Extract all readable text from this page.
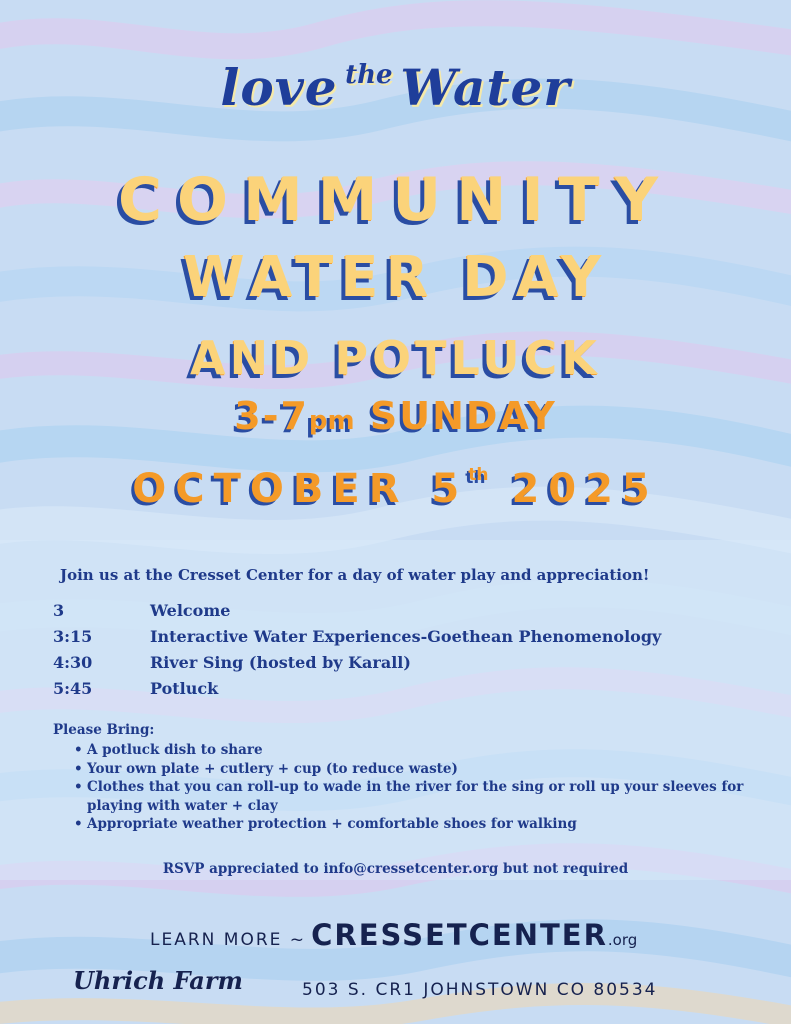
love the Water
COMMUNITY
WATER DAY
AND POTLUCK
3-7pm SUNDAY
OCTOBER 5th 2025
Join us at the Cresset Center for a day of water play and appreciation!
3	Welcome
3:15	Interactive Water Experiences-Goethean Phenomenology
4:30	River Sing (hosted by Karall)
5:45	Potluck
Please Bring:
• A potluck dish to share
• Your own plate + cutlery + cup (to reduce waste)
• Clothes that you can roll-up to wade in the river for the sing or roll up your sleeves for playing with water + clay
• Appropriate weather protection + comfortable shoes for walking
RSVP appreciated to info@cressetcenter.org but not required
LEARN MORE ~ CRESSETCENTER.org
Uhrich Farm	503 S. CR1 JOHNSTOWN CO 80534
